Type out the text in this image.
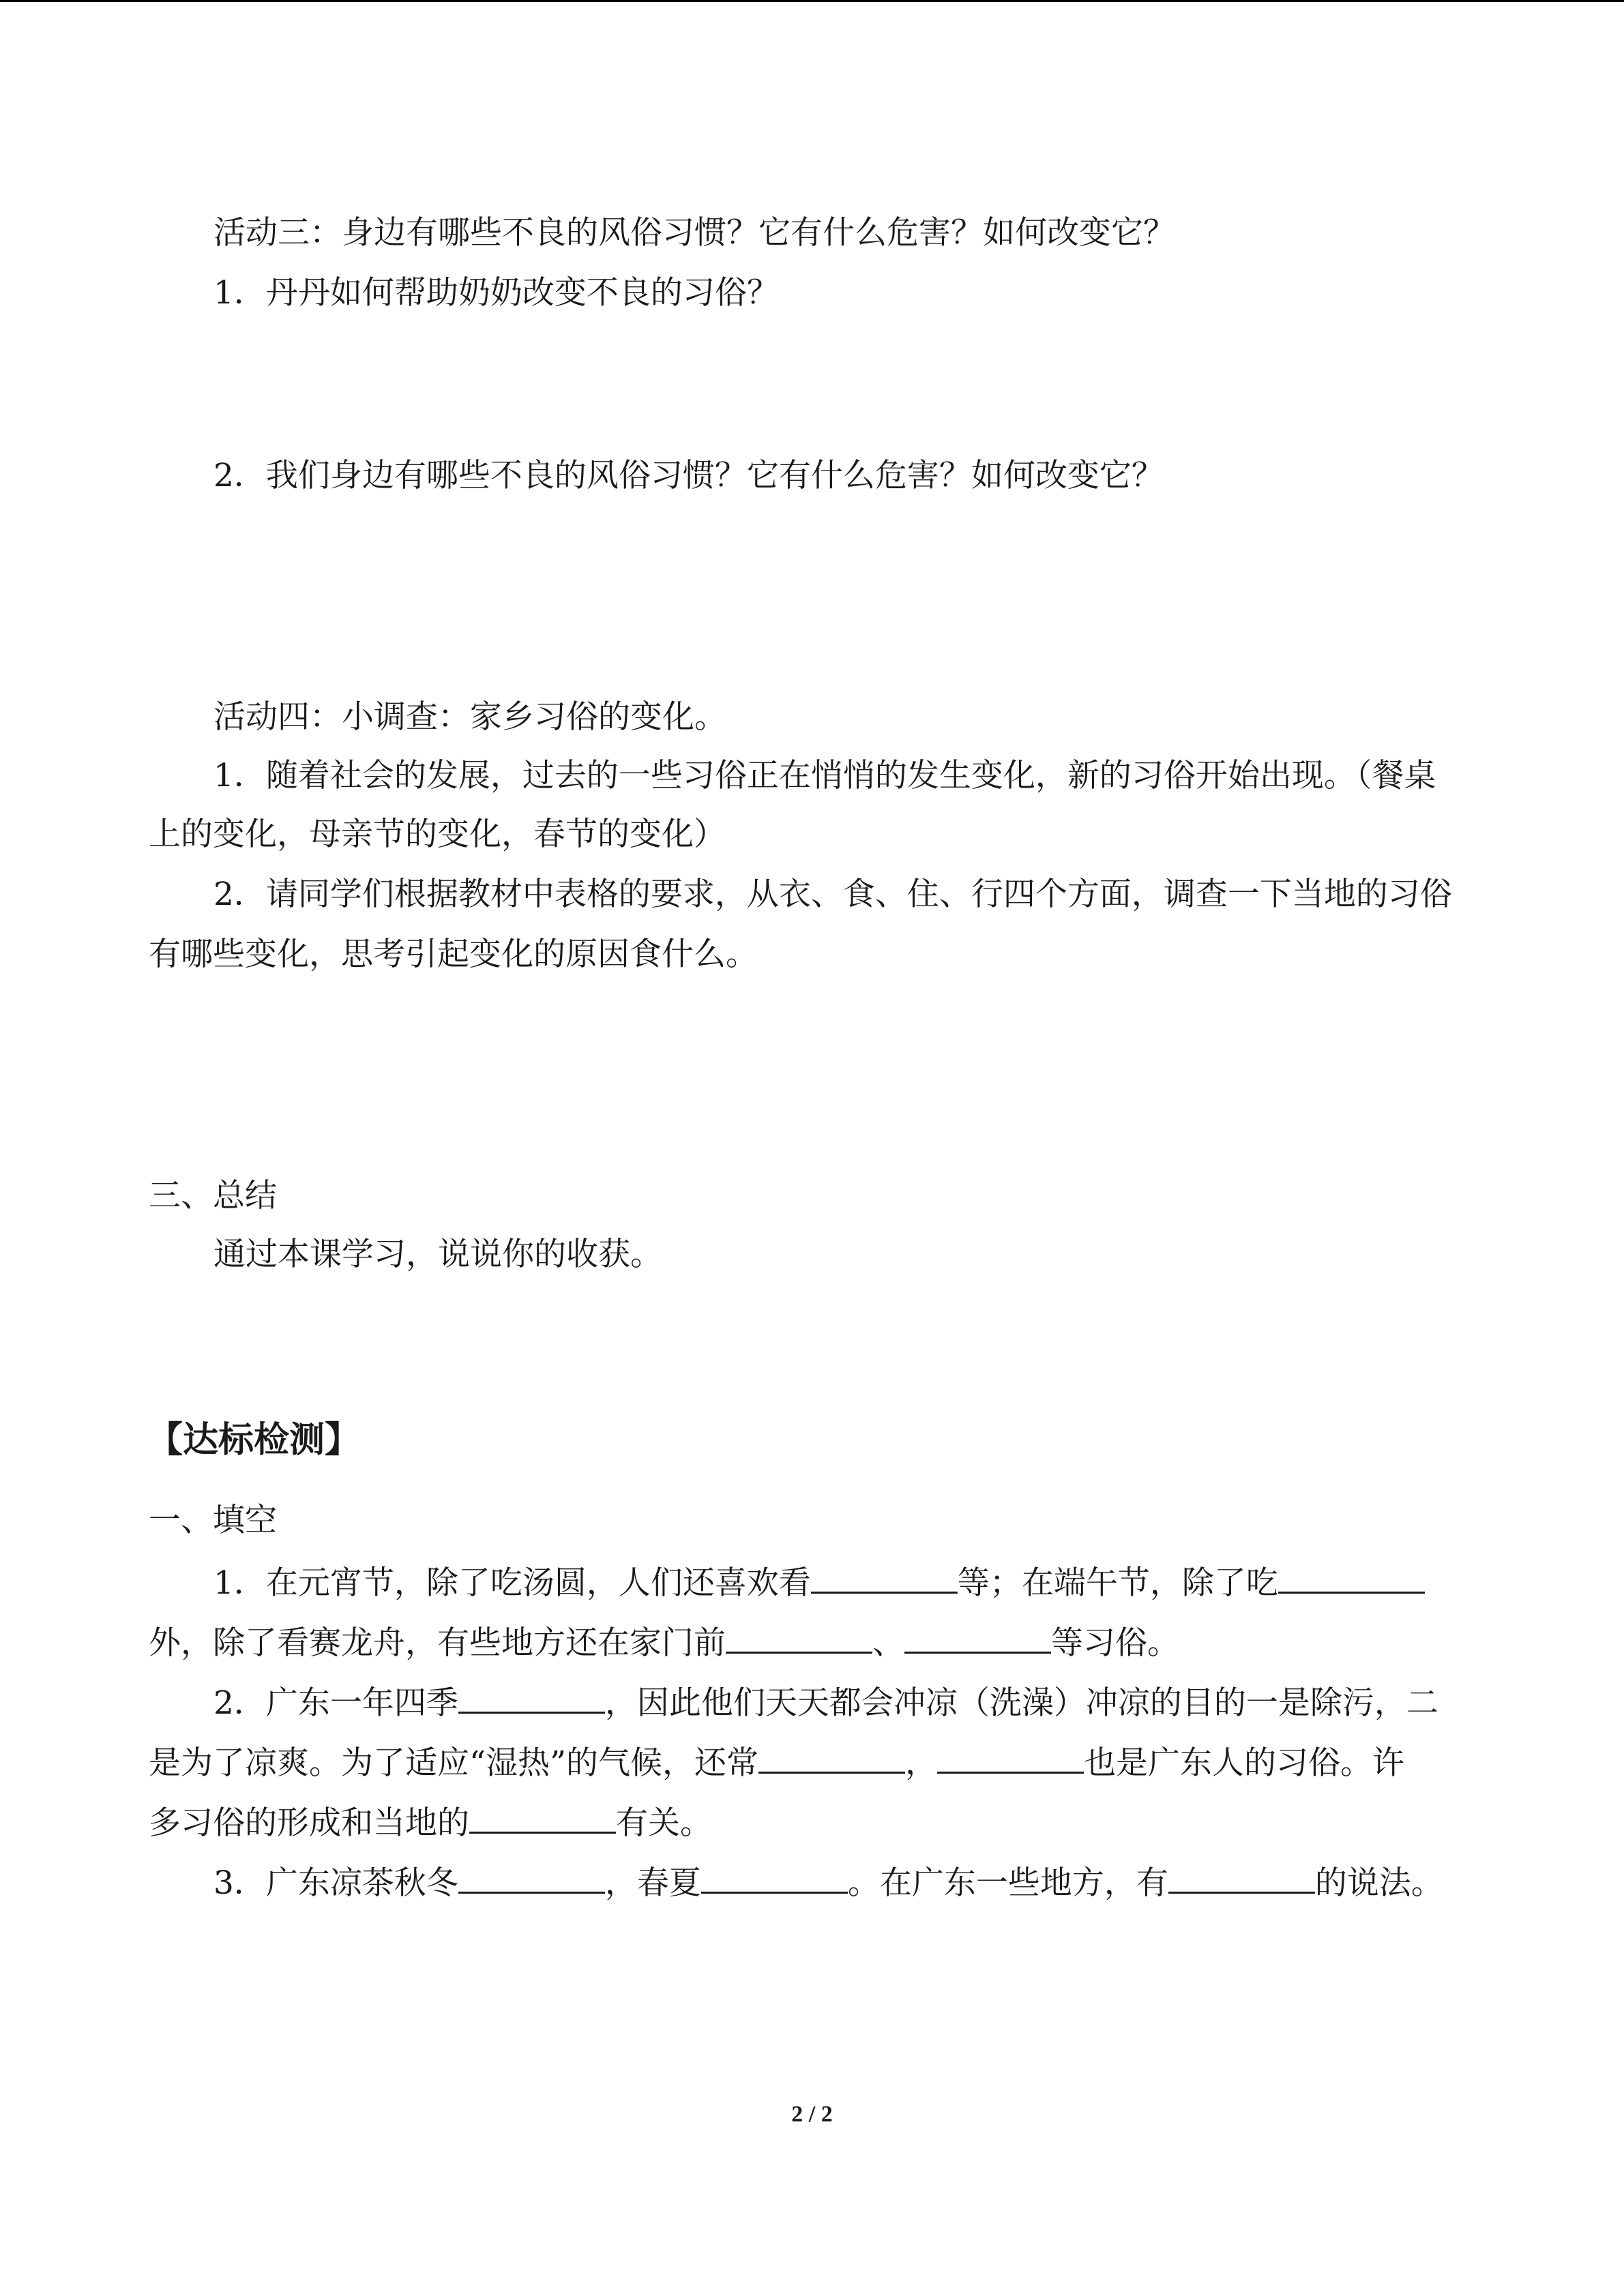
活动三：身边有哪些不良的风俗习惯？它有什么危害？如何改变它？
1．丹丹如何帮助奶奶改变不良的习俗？
2．我们身边有哪些不良的风俗习惯？它有什么危害？如何改变它？
活动四：小调查：家乡习俗的变化。
1．随着社会的发展，过去的一些习俗正在悄悄的发生变化，新的习俗开始出现。（餐桌
上的变化，母亲节的变化，春节的变化）
2．请同学们根据教材中表格的要求，从衣、食、住、行四个方面，调查一下当地的习俗
有哪些变化，思考引起变化的原因食什么。
三、总结
通过本课学习，说说你的收获。
【达标检测】
一、填空
1．在元宵节，除了吃汤圆，人们还喜欢看	等；在端午节，除了吃
外，除了看赛龙舟，有些地方还在家门前	、	等习俗。
2．广东一年四季	，因此他们天天都会冲凉（洗澡）冲凉的目的一是除污，二
是为了凉爽。为了适应“湿热”的气候，还常	，	也是广东人的习俗。许
多习俗的形成和当地的	有关。
3．广东凉茶秋冬	，春夏	。在广东一些地方，有	的说法。
2 / 2
